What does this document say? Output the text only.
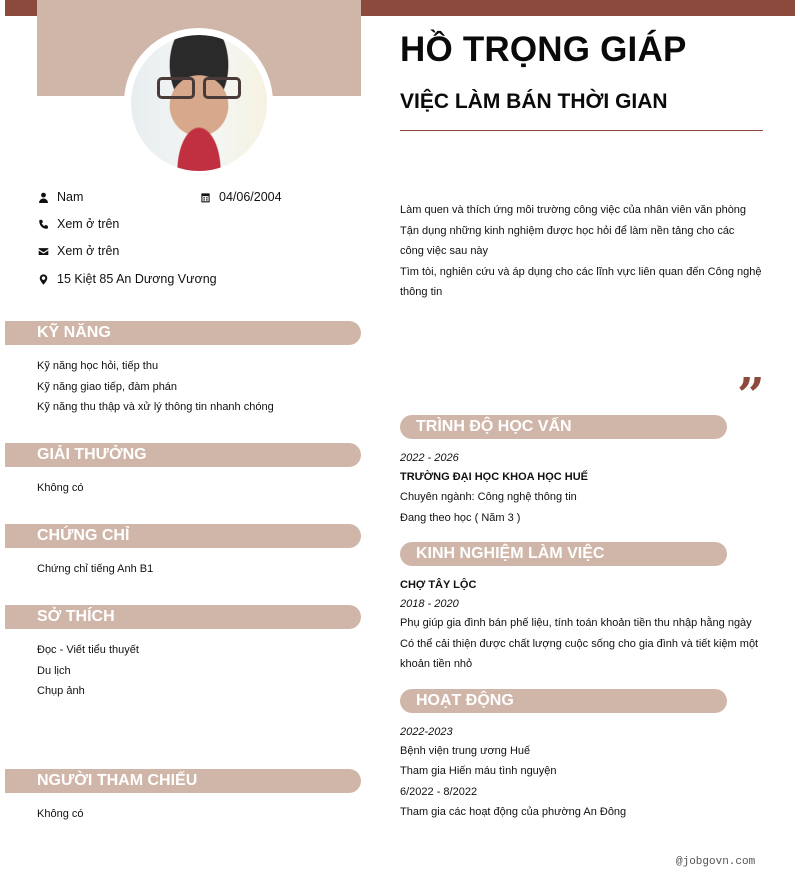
HỒ TRỌNG GIÁP
VIỆC LÀM BÁN THỜI GIAN
Nam	04/06/2004
Xem ở trên
Xem ở trên
15 Kiệt 85 An Dương Vương
Làm quen và thích ứng môi trường công việc của nhân viên văn phòng
Tận dụng những kinh nghiệm được học hỏi để làm nền tảng cho các công việc sau này
Tìm tòi, nghiên cứu và áp dụng cho các lĩnh vực liên quan đến Công nghệ thông tin
KỸ NĂNG
Kỹ năng học hỏi, tiếp thu
Kỹ năng giao tiếp, đàm phán
Kỹ năng thu thập và xử lý thông tin nhanh chóng
GIẢI THƯỞNG
Không có
CHỨNG CHỈ
Chứng chỉ tiếng Anh B1
SỞ THÍCH
Đọc - Viết tiểu thuyết
Du lịch
Chụp ảnh
NGƯỜI THAM CHIẾU
Không có
”
TRÌNH ĐỘ HỌC VẤN
2022 - 2026
TRƯỜNG ĐẠI HỌC KHOA HỌC HUẾ
Chuyên ngành: Công nghệ thông tin
Đang theo học ( Năm 3 )
KINH NGHIỆM LÀM VIỆC
CHỢ TÂY LỘC
2018 - 2020
Phụ giúp gia đình bán phế liệu, tính toán khoản tiền thu nhập hằng ngày
Có thể cải thiện được chất lượng cuộc sống cho gia đình và tiết kiệm một khoản tiền nhỏ
HOẠT ĐỘNG
2022-2023
Bệnh viện trung ương Huế
Tham gia Hiến máu tình nguyện
6/2022 - 8/2022
Tham gia các hoạt động của phường An Đông
@jobgovn.com
